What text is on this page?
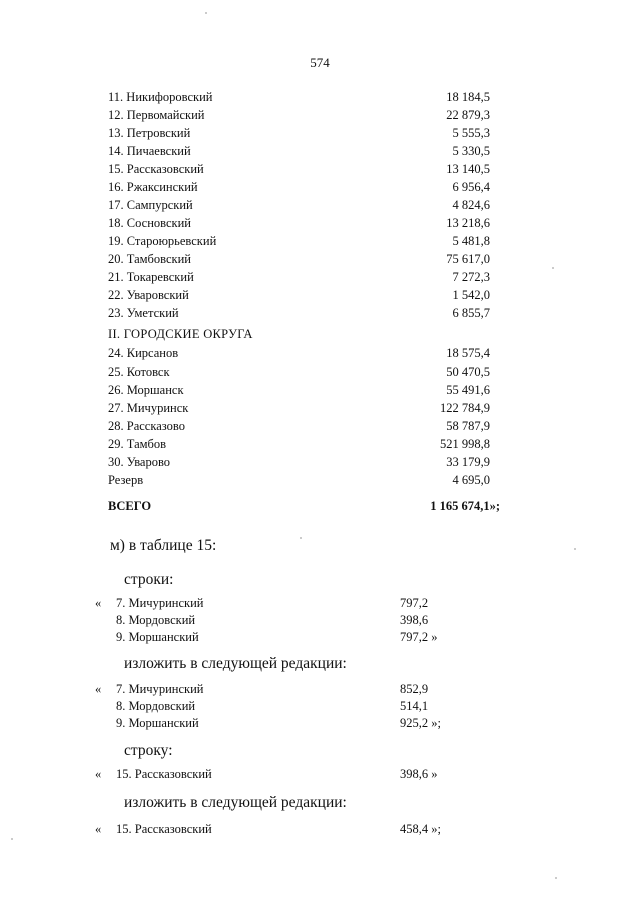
574
11. Никифоровский	18 184,5
12. Первомайский	22 879,3
13. Петровский	5 555,3
14. Пичаевский	5 330,5
15. Рассказовский	13 140,5
16. Ржаксинский	6 956,4
17. Сампурский	4 824,6
18. Сосновский	13 218,6
19. Староюрьевский	5 481,8
20. Тамбовский	75 617,0
21. Токаревский	7 272,3
22. Уваровский	1 542,0
23. Уметский	6 855,7
II. ГОРОДСКИЕ ОКРУГА
24. Кирсанов	18 575,4
25. Котовск	50 470,5
26. Моршанск	55 491,6
27. Мичуринск	122 784,9
28. Рассказово	58 787,9
29. Тамбов	521 998,8
30. Уварово	33 179,9
Резерв	4 695,0
ВСЕГО	1 165 674,1»;
м) в таблице 15:
строки:
« 7. Мичуринский	797,2
8. Мордовский	398,6
9. Моршанский	797,2 »
изложить в следующей редакции:
« 7. Мичуринский	852,9
8. Мордовский	514,1
9. Моршанский	925,2 »;
строку:
« 15. Рассказовский	398,6 »
изложить в следующей редакции:
« 15. Рассказовский	458,4 »;
